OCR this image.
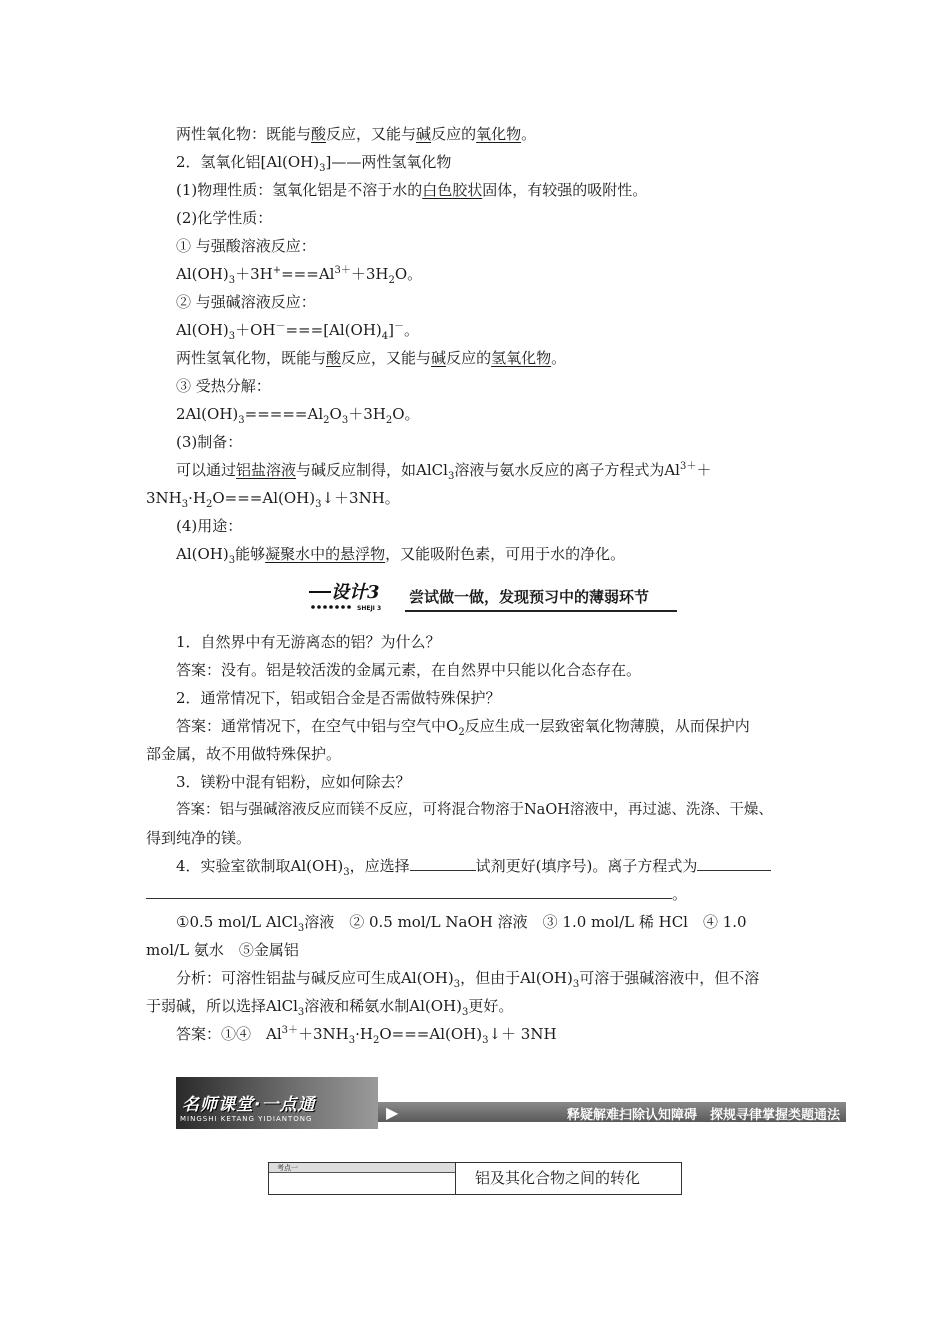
两性氧化物：既能与酸反应，又能与碱反应的氧化物。
2．氢氧化铝$[Al(OH)_3]——$两性氢氧化物
(1)物理性质：氢氧化铝是不溶于水的白色胶状固体，有较强的吸附性。
(2)化学性质：
① 与强酸溶液反应：
$Al(OH)_3+3H^+===Al^{3+}+3H_2O$。
② 与强碱溶液反应：
$Al(OH)_3+OH^-===[Al(OH)_4]^-$。
两性氢氧化物，既能与酸反应，又能与碱反应的氢氧化物。
③ 受热分解：
$2Al(OH)_3=====Al_2O_3+3H_2O$。
(3)制备：
可以通过铝盐溶液与碱反应制得，如AlCl$_3$溶液与氨水反应的离子方程式为$Al^{3+}+$
$3NH_3\cdot H_2O===Al(OH)_3↓+3NH$。
(4)用途：
$Al(OH)_3$能够凝聚水中的悬浮物，又能吸附色素，可用于水的净化。
设计3
SHEJI 3
尝试做一做，发现预习中的薄弱环节
1．自然界中有无游离态的铝？为什么？
答案：没有。铝是较活泼的金属元素，在自然界中只能以化合态存在。
2．通常情况下，铝或铝合金是否需做特殊保护？
答案：通常情况下，在空气中铝与空气中$O_2$反应生成一层致密氧化物薄膜，从而保护内
部金属，故不用做特殊保护。
3．镁粉中混有铝粉，应如何除去？
答案：铝与强碱溶液反应而镁不反应，可将混合物溶于NaOH溶液中，再过滤、洗涤、干燥、
得到纯净的镁。
4．实验室欲制取$Al(OH)_3$，应选择	试剂更好(填序号)。离子方程式为
。
①0.5 mol/L AlCl$_3$溶液　② 0.5 mol/L NaOH 溶液　③ 1.0 mol/L 稀 HCl　④ 1.0
mol/L 氨水　⑤金属铝
分析：可溶性铝盐与碱反应可生成$Al(OH)_3$，但由于$Al(OH)_3$可溶于强碱溶液中，但不溶
于弱碱，所以选择AlCl$_3$溶液和稀氨水制$Al(OH)_3$更好。
答案：①④　$Al^{3+}+3NH_3\cdot H_2O===Al(OH)_3↓+ 3NH$
名师课堂·一点通
MINGSHI KETANG YIDIANTONG	▶	释疑解难扫除认知障碍　探规寻律掌握类题通法
考点一
铝及其化合物之间的转化
